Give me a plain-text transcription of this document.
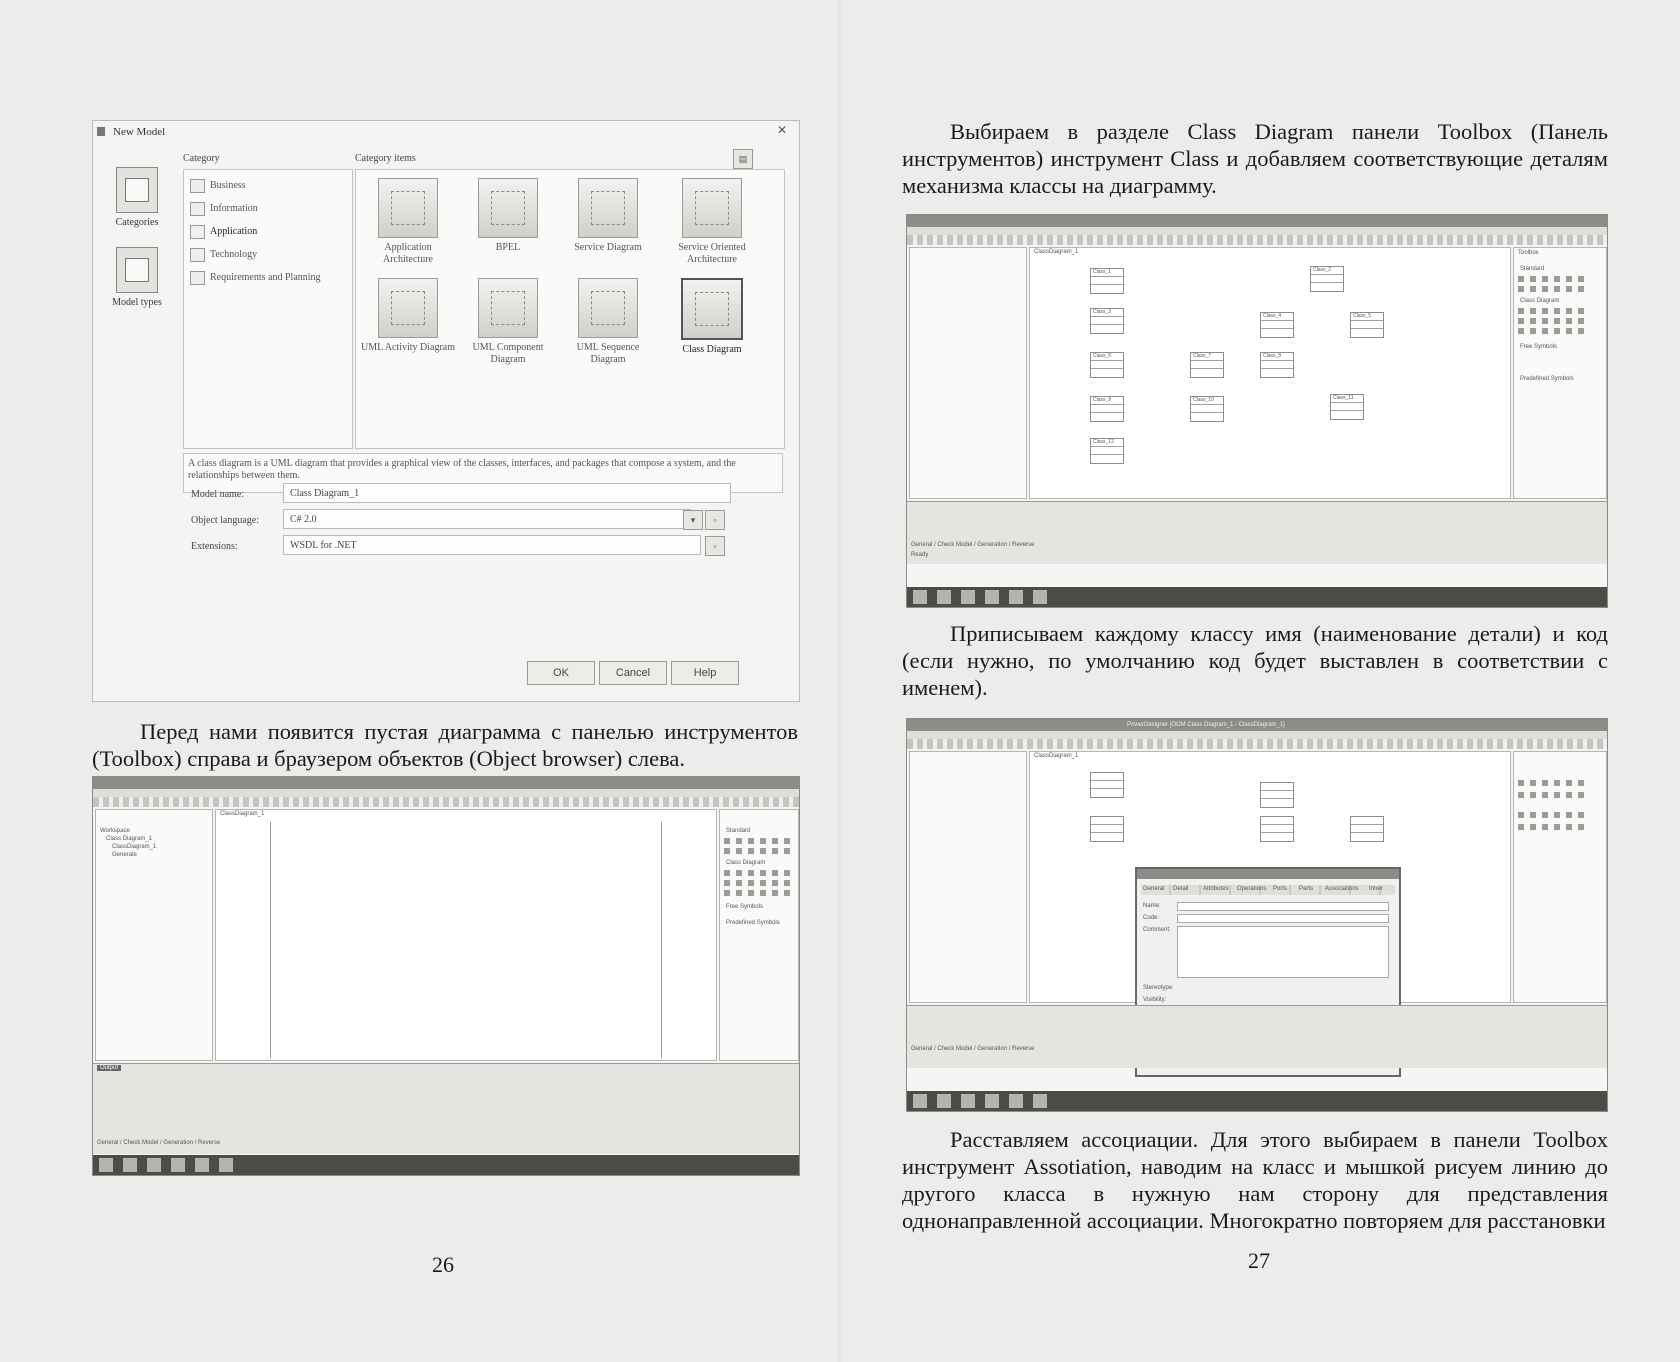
New Model	✕
Categories
Model types
Category	Category items	▤
Business
Information
Application
Technology
Requirements and Planning
Application Architecture
BPEL	Service Diagram	Service Oriented Architecture
UML Activity Diagram	UML Component Diagram
UML Sequence Diagram
Class Diagram
A class diagram is a UML diagram that provides a graphical view of the classes, interfaces, and packages that compose a system, and the relationships between them.
Model name:	Class Diagram_1
Object language:	C# 2.0	▾	▫
Extensions:	WSDL for .NET	▫
OK	Cancel	Help

Перед нами появится пустая диаграмма с панелью инструментов (Toolbox) справа и браузером объектов (Object browser) слева.

Workspace
Class Diagram_1
ClassDiagram_1
Generate
ClassDiagram_1
Standard
Class Diagram
Free Symbols
Predefined Symbols
Output
General / Check Model / Generation / Reverse
26

Выбираем в разделе Class Diagram панели Toolbox (Панель инструментов) инструмент Class и добавляем соответствующие деталям механизма классы на диаграмму.

ClassDiagram_1
Class_1	Class_2
Class_3
Class_4	Class_5
Class_6	Class_7	Class_8
Class_9	Class_10	Class_11
Class_12
Toolbox
Standard
Class Diagram
Free Symbols
Predefined Symbols
General / Check Model / Generation / Reverse
Ready

Приписываем каждому классу имя (наименование детали) и код (если нужно, по умолчанию код будет выставлен в соответствии с именем).

PowerDesigner [OOM Class Diagram_1 - ClassDiagram_1]
ClassDiagram_1
General Detail Attributes Operations Ports Parts Associations Inner
Name:
Code:
Comment:
Stereotype:
Visibility:
General / Check Model / Generation / Reverse

Расставляем ассоциации. Для этого выбираем в панели Toolbox инструмент Assotiation, наводим на класс и мышкой рисуем линию до другого класса в нужную нам сторону для представления однонаправленной ассоциации. Многократно повторяем для расстановки

27
